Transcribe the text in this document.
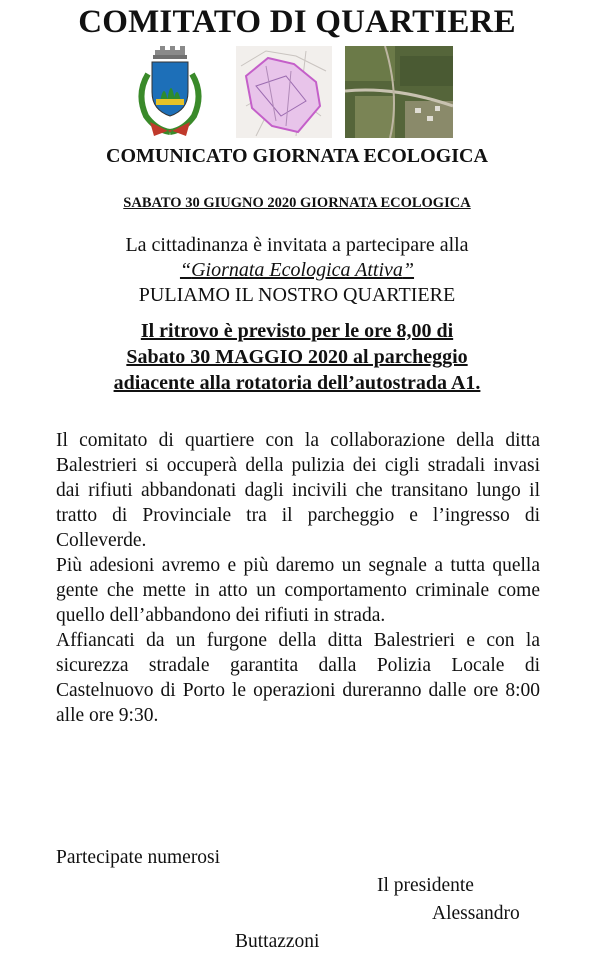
COMITATO DI QUARTIERE
COMUNICATO GIORNATA ECOLOGICA
SABATO 30 GIUGNO 2020 GIORNATA ECOLOGICA
La cittadinanza è invitata a partecipare alla
“Giornata Ecologica Attiva”
PULIAMO IL NOSTRO QUARTIERE
Il ritrovo è previsto per le ore 8,00 di
Sabato 30 MAGGIO 2020 al parcheggio
adiacente alla rotatoria dell’autostrada A1.

Il comitato di quartiere con la collaborazione della ditta Balestrieri si occuperà della pulizia dei cigli stradali invasi dai rifiuti abbandonati dagli incivili che transitano lungo il tratto di Provinciale tra il parcheggio e l’ingresso di Colleverde.

Più adesioni avremo e più daremo un segnale a tutta quella gente che mette in atto un comportamento criminale come quello dell’abbandono dei rifiuti in strada.

Affiancati da un furgone della ditta Balestrieri e con la sicurezza stradale garantita dalla Polizia Locale di Castelnuovo di Porto le operazioni dureranno dalle ore 8:00 alle ore 9:30.

Partecipate numerosi
Il presidente
Alessandro
Buttazzoni
